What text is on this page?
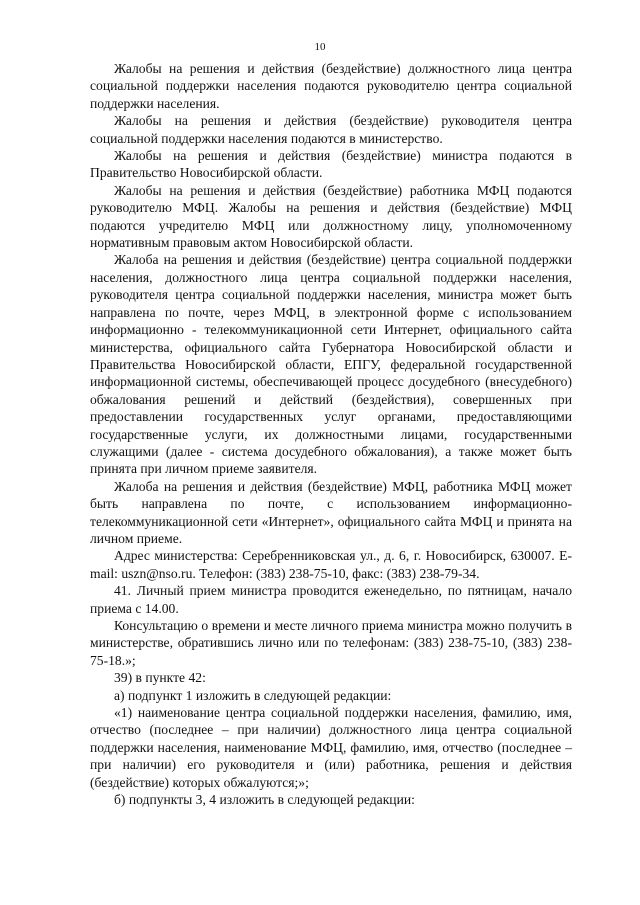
10

Жалобы на решения и действия (бездействие) должностного лица центра социальной поддержки населения подаются руководителю центра социальной поддержки населения.

Жалобы на решения и действия (бездействие) руководителя центра социальной поддержки населения подаются в министерство.

Жалобы на решения и действия (бездействие) министра подаются в Правительство Новосибирской области.

Жалобы на решения и действия (бездействие) работника МФЦ подаются руководителю МФЦ. Жалобы на решения и действия (бездействие) МФЦ подаются учредителю МФЦ или должностному лицу, уполномоченному нормативным правовым актом Новосибирской области.

Жалоба на решения и действия (бездействие) центра социальной поддержки населения, должностного лица центра социальной поддержки населения, руководителя центра социальной поддержки населения, министра может быть направлена по почте, через МФЦ, в электронной форме с использованием информационно - телекоммуникационной сети Интернет, официального сайта министерства, официального сайта Губернатора Новосибирской области и Правительства Новосибирской области, ЕПГУ, федеральной государственной информационной системы, обеспечивающей процесс досудебного (внесудебного) обжалования решений и действий (бездействия), совершенных при предоставлении государственных услуг органами, предоставляющими государственные услуги, их должностными лицами, государственными служащими (далее - система досудебного обжалования), а также может быть принята при личном приеме заявителя.

Жалоба на решения и действия (бездействие) МФЦ, работника МФЦ может быть направлена по почте, с использованием информационно-телекоммуникационной сети «Интернет», официального сайта МФЦ и принята на личном приеме.

Адрес министерства: Серебренниковская ул., д. 6, г. Новосибирск, 630007. E-mail: uszn@nso.ru. Телефон: (383) 238-75-10, факс: (383) 238-79-34.

41. Личный прием министра проводится еженедельно, по пятницам, начало приема с 14.00.

Консультацию о времени и месте личного приема министра можно получить в министерстве, обратившись лично или по телефонам: (383) 238-75-10, (383) 238-75-18.»;

39) в пункте 42:

а) подпункт 1 изложить в следующей редакции:

«1) наименование центра социальной поддержки населения, фамилию, имя, отчество (последнее – при наличии) должностного лица центра социальной поддержки населения, наименование МФЦ, фамилию, имя, отчество (последнее – при наличии) его руководителя и (или) работника, решения и действия (бездействие) которых обжалуются;»;

б) подпункты 3, 4 изложить в следующей редакции:
